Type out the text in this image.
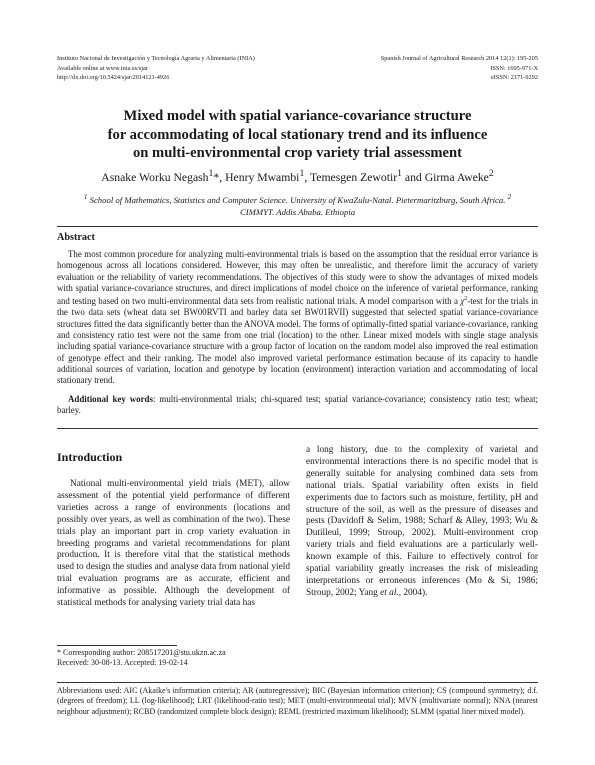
Instituto Nacional de Investigación y Tecnología Agraria y Alimentaria (INIA)
Available online at www.inia.es/sjar
http://dx.doi.org/10.5424/sjar/2014121-4926
Spanish Journal of Agricultural Research 2014 12(1): 195-205
ISSN: 1695-971-X
eISSN: 2171-9292
Mixed model with spatial variance-covariance structure
for accommodating of local stationary trend and its influence
on multi-environmental crop variety trial assessment
Asnake Worku Negash$^1$*, Henry Mwambi$^1$, Temesgen Zewotir$^1$ and Girma Aweke$^2$
$^1$ School of Mathematics, Statistics and Computer Science. University of KwaZulu-Natal. Pietermaritzburg, South Africa. $^2$ CIMMYT. Addis Ababa. Ethiopia
Abstract
The most common procedure for analyzing multi-environmental trials is based on the assumption that the residual error variance is homogenous across all locations considered. However, this may often be unrealistic, and therefore limit the accuracy of variety evaluation or the reliability of variety recommendations. The objectives of this study were to show the advantages of mixed models with spatial variance-covariance structures, and direct implications of model choice on the inference of varietal performance, ranking and testing based on two multi-environmental data sets from realistic national trials. A model comparison with a $\chi^2$-test for the trials in the two data sets (wheat data set BW00RVTI and barley data set BW01RVII) suggested that selected spatial variance-covariance structures fitted the data significantly better than the ANOVA model. The forms of optimally-fitted spatial variance-covariance, ranking and consistency ratio test were not the same from one trial (location) to the other. Linear mixed models with single stage analysis including spatial variance-covariance structure with a group factor of location on the random model also improved the real estimation of genotype effect and their ranking. The model also improved varietal performance estimation because of its capacity to handle additional sources of variation, location and genotype by location (environment) interaction variation and accommodating of local stationary trend.
Additional key words: multi-environmental trials; chi-squared test; spatial variance-covariance; consistency ratio test; wheat; barley.
Introduction
National multi-environmental yield trials (MET), allow assessment of the potential yield performance of different varieties across a range of environments (locations and possibly over years, as well as combination of the two). These trials play an important part in crop variety evaluation in breeding programs and varietal recommendations for plant production. It is therefore vital that the statistical methods used to design the studies and analyse data from national yield trial evaluation programs are as accurate, efficient and informative as possible. Although the development of statistical methods for analysing variety trial data has
a long history, due to the complexity of varietal and environmental interactions there is no specific model that is generally suitable for analysing combined data sets from national trials. Spatial variability often exists in field experiments due to factors such as moisture, fertility, pH and structure of the soil, as well as the pressure of diseases and pests (Davidoff & Selim, 1988; Scharf & Alley, 1993; Wu & Dutilleul, 1999; Stroup, 2002). Multi-environment crop variety trials and field evaluations are a particularly well-known example of this. Failure to effectively control for spatial variability greatly increases the risk of misleading interpretations or erroneous inferences (Mo & Si, 1986; Stroup, 2002; Yang et al., 2004).
* Corresponding author: 208517201@stu.ukzn.ac.za
Received: 30-08-13. Accepted: 19-02-14
Abbreviations used: AIC (Akaike's information criteria); AR (autoregressive); BIC (Bayesian information criterion); CS (compound symmetry); d.f. (degrees of freedom); LL (log-likelihood); LRT (likelihood-ratio test); MET (multi-environmental trial); MVN (multivariate normal); NNA (nearest neighbour adjustment); RCBD (randomized complete block design); REML (restricted maximum likelihood); SLMM (spatial liner mixed model).
